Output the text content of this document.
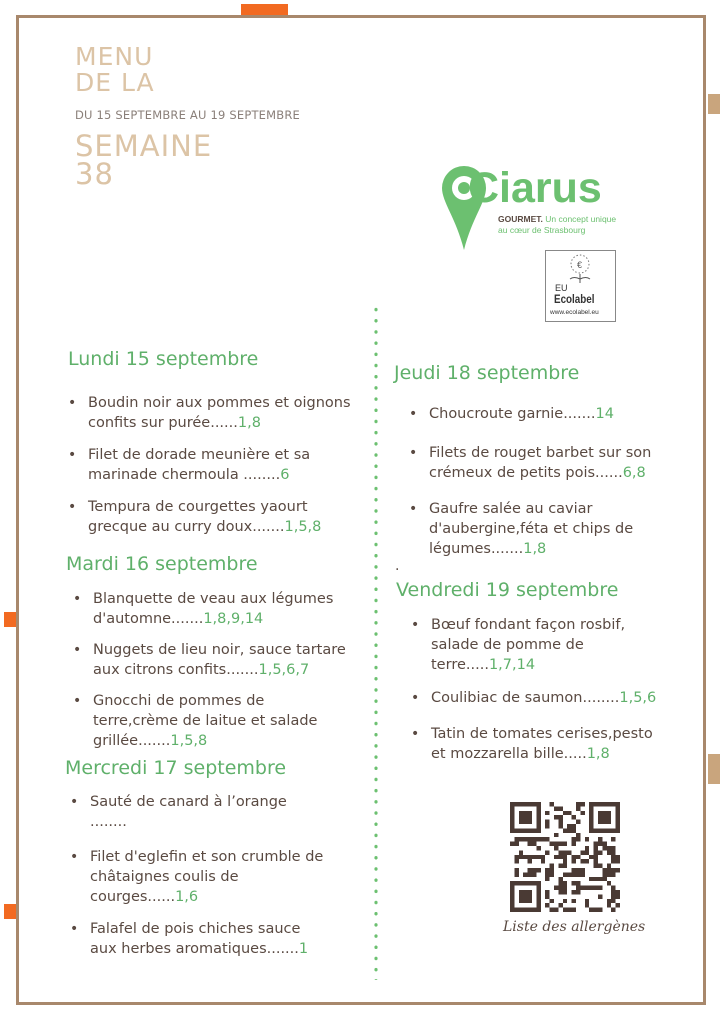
MENU
DE LA
DU 15 SEPTEMBRE AU 19 SEPTEMBRE
SEMAINE
38	Ciarus
GOURMET. Un concept unique
au cœur de Strasbourg
€
EU
Ecolabel
www.ecolabel.eu
Lundi 15 septembre
• Boudin noir aux pommes et oignons
confits sur purée......1,8
• Filet de dorade meunière et sa
marinade chermoula ........6
• Tempura de courgettes yaourt
grecque au curry doux.......1,5,8
Mardi 16 septembre
• Blanquette de veau aux légumes
d'automne.......1,8,9,14
• Nuggets de lieu noir, sauce tartare
aux citrons confits.......1,5,6,7
• Gnocchi de pommes de
terre,crème de laitue et salade
grillée.......1,5,8
Mercredi 17 septembre
• Sauté de canard à l’orange
........
• Filet d'eglefin et son crumble de
châtaignes coulis de
courges......1,6
• Falafel de pois chiches sauce
aux herbes aromatiques.......1
Jeudi 18 septembre
• Choucroute garnie.......14
• Filets de rouget barbet sur son
crémeux de petits pois......6,8
• Gaufre salée au caviar
d'aubergine,féta et chips de
légumes.......1,8
.
Vendredi 19 septembre
• Bœuf fondant façon rosbif,
salade de pomme de
terre.....1,7,14
• Coulibiac de saumon........1,5,6
• Tatin de tomates cerises,pesto
et mozzarella bille.....1,8
Liste des allergènes
